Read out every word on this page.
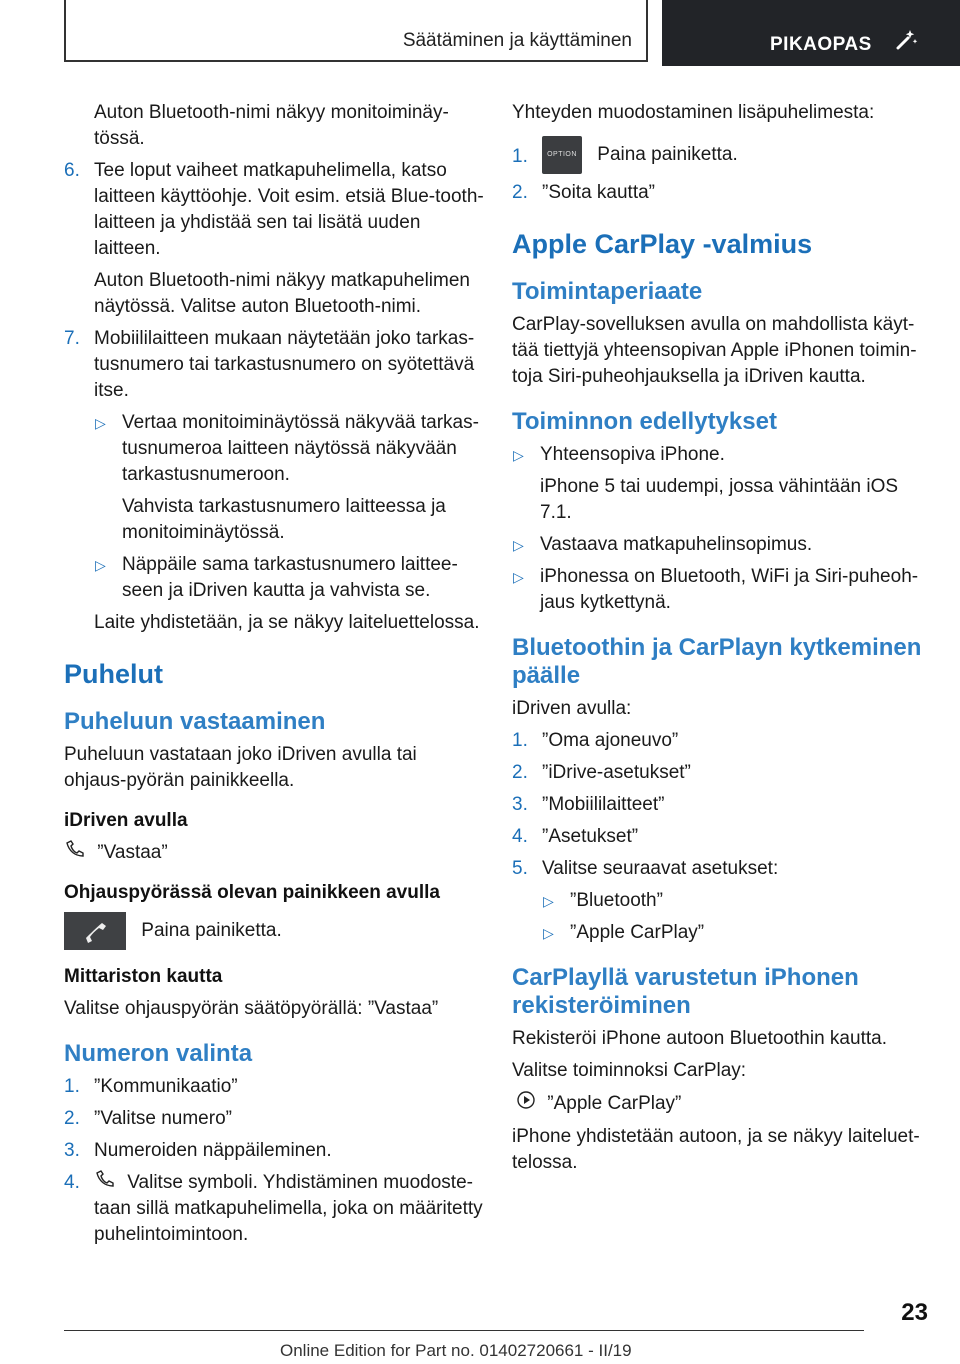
Säätäminen ja käyttäminen	PIKAOPAS

Auton Bluetooth-nimi näkyy monitoiminäy-tössä.

6. Tee loput vaiheet matkapuhelimella, katso laitteen käyttöohje. Voit esim. etsiä Blue-tooth-laitteen ja yhdistää sen tai lisätä uuden laitteen.

Auton Bluetooth-nimi näkyy matkapuhelimen näytössä. Valitse auton Bluetooth-nimi.

7. Mobiililaitteen mukaan näytetään joko tarkas-tusnumero tai tarkastusnumero on syötettävä itse.
▷ Vertaa monitoiminäytössä näkyvää tarkas-tusnumeroa laitteen näytössä näkyvään tarkastusnumeroon.

Vahvista tarkastusnumero laitteessa ja monitoiminäytössä.

▷ Näppäile sama tarkastusnumero laittee-seen ja iDriven kautta ja vahvista se.

Laite yhdistetään, ja se näkyy laiteluettelossa.

Puhelut
Puheluun vastaaminen

Puheluun vastataan joko iDriven avulla tai ohjaus-pyörän painikkeella.

iDriven avulla

”Vastaa”

Ohjauspyörässä olevan painikkeen avulla
Paina painiketta.
Mittariston kautta

Valitse ohjauspyörän säätöpyörällä: ”Vastaa”

Numeron valinta
1. ”Kommunikaatio”
2. ”Valitse numero”
3. Numeroiden näppäileminen.
4. Valitse symboli. Yhdistäminen muodoste-taan sillä matkapuhelimella, joka on määritetty puhelintoimintoon.

Yhteyden muodostaminen lisäpuhelimesta:

1.	OPTION Paina painiketta.
2. ”Soita kautta”
Apple CarPlay -valmius
Toimintaperiaate

CarPlay-sovelluksen avulla on mahdollista käyt-tää tiettyjä yhteensopivan Apple iPhonen toimin-toja Siri-puheohjauksella ja iDriven kautta.

Toiminnon edellytykset
▷ Yhteensopiva iPhone.

iPhone 5 tai uudempi, jossa vähintään iOS 7.1.

▷ Vastaava matkapuhelinsopimus.
▷ iPhonessa on Bluetooth, WiFi ja Siri-puheoh-jaus kytkettynä.
Bluetoothin ja CarPlayn kytkeminen päälle

iDriven avulla:

1. ”Oma ajoneuvo”
2. ”iDrive-asetukset”
3. ”Mobiililaitteet”
4. ”Asetukset”
5. Valitse seuraavat asetukset:
▷ ”Bluetooth”
▷ ”Apple CarPlay”
CarPlayllä varustetun iPhonen rekisteröiminen

Rekisteröi iPhone autoon Bluetoothin kautta.

Valitse toiminnoksi CarPlay:

”Apple CarPlay”

iPhone yhdistetään autoon, ja se näkyy laiteluet-telossa.

23
Online Edition for Part no. 01402720661 - II/19
